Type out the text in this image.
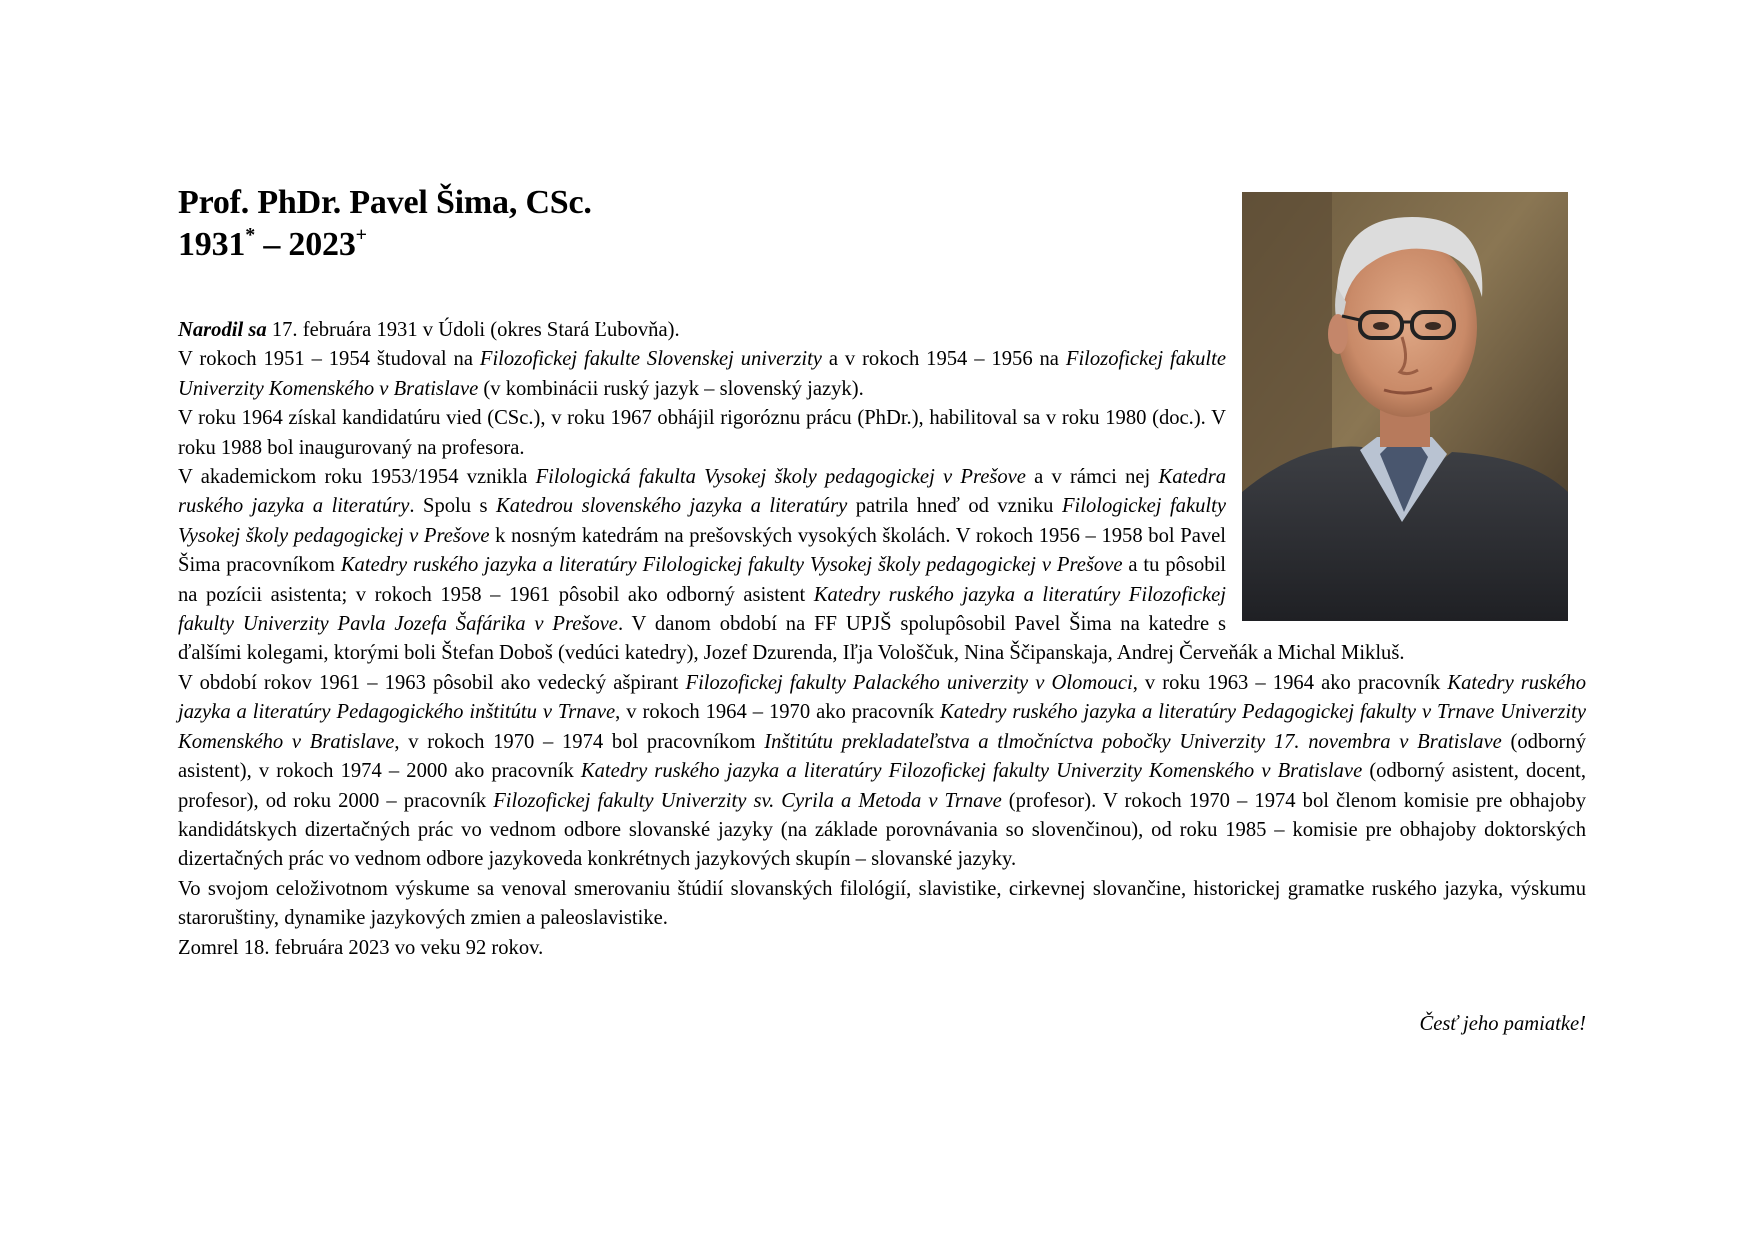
Prof. PhDr. Pavel Šima, CSc.
1931* – 2023+

Narodil sa 17. februára 1931 v Údoli (okres Stará Ľubovňa).

V rokoch 1951 – 1954 študoval na Filozofickej fakulte Slovenskej univerzity a v rokoch 1954 – 1956 na Filozofickej fakulte Univerzity Komenského v Bratislave (v kombinácii ruský jazyk – slovenský jazyk).

V roku 1964 získal kandidatúru vied (CSc.), v roku 1967 obhájil rigoróznu prácu (PhDr.), habilitoval sa v roku 1980 (doc.). V roku 1988 bol inaugurovaný na profesora.

V akademickom roku 1953/1954 vznikla Filologická fakulta Vysokej školy pedagogickej v Prešove a v rámci nej Katedra ruského jazyka a literatúry. Spolu s Katedrou slovenského jazyka a literatúry patrila hneď od vzniku Filologickej fakulty Vysokej školy pedagogickej v Prešove k nosným katedrám na prešovských vysokých školách. V rokoch 1956 – 1958 bol Pavel Šima pracovníkom Katedry ruského jazyka a literatúry Filologickej fakulty Vysokej školy pedagogickej v Prešove a tu pôsobil na pozícii asistenta; v rokoch 1958 – 1961 pôsobil ako odborný asistent Katedry ruského jazyka a literatúry Filozofickej fakulty Univerzity Pavla Jozefa Šafárika v Prešove. V danom období na FF UPJŠ spolupôsobil Pavel Šima na katedre s ďalšími kolegami, ktorými boli Štefan Doboš (vedúci katedry), Jozef Dzurenda, Iľja Vološčuk, Nina Ščipanskaja, Andrej Červeňák a Michal Mikluš.

V období rokov 1961 – 1963 pôsobil ako vedecký ašpirant Filozofickej fakulty Palackého univerzity v Olomouci, v roku 1963 – 1964 ako pracovník Katedry ruského jazyka a literatúry Pedagogického inštitútu v Trnave, v rokoch 1964 – 1970 ako pracovník Katedry ruského jazyka a literatúry Pedagogickej fakulty v Trnave Univerzity Komenského v Bratislave, v rokoch 1970 – 1974 bol pracovníkom Inštitútu prekladateľstva a tlmočníctva pobočky Univerzity 17. novembra v Bratislave (odborný asistent), v rokoch 1974 – 2000 ako pracovník Katedry ruského jazyka a literatúry Filozofickej fakulty Univerzity Komenského v Bratislave (odborný asistent, docent, profesor), od roku 2000 – pracovník Filozofickej fakulty Univerzity sv. Cyrila a Metoda v Trnave (profesor). V rokoch 1970 – 1974 bol členom komisie pre obhajoby kandidátskych dizertačných prác vo vednom odbore slovanské jazyky (na základe porovnávania so slovenčinou), od roku 1985 – komisie pre obhajoby doktorských dizertačných prác vo vednom odbore jazykoveda konkrétnych jazykových skupín – slovanské jazyky.

Vo svojom celoživotnom výskume sa venoval smerovaniu štúdií slovanských filológií, slavistike, cirkevnej slovančine, historickej gramatke ruského jazyka, výskumu staroruštiny, dynamike jazykových zmien a paleoslavistike.

Zomrel 18. februára 2023 vo veku 92 rokov.

Česť jeho pamiatke!
